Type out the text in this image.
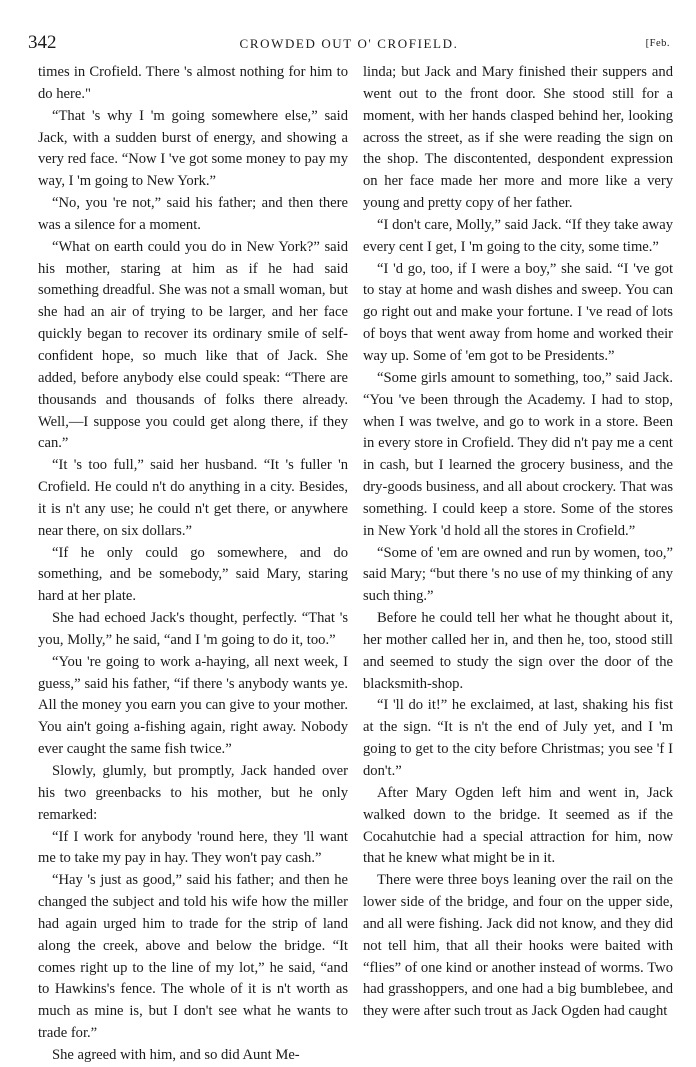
342	CROWDED OUT O' CROFIELD.	[Feb.

times in Crofield. There 's almost nothing for him to do here."

“That 's why I 'm going somewhere else,” said Jack, with a sudden burst of energy, and showing a very red face. “Now I 've got some money to pay my way, I 'm going to New York.”

“No, you 're not,” said his father; and then there was a silence for a moment.

“What on earth could you do in New York?” said his mother, staring at him as if he had said something dreadful. She was not a small woman, but she had an air of trying to be larger, and her face quickly began to recover its ordinary smile of self-confident hope, so much like that of Jack. She added, before anybody else could speak: “There are thousands and thousands of folks there already. Well,—I suppose you could get along there, if they can.”

“It 's too full,” said her husband. “It 's fuller 'n Crofield. He could n't do anything in a city. Besides, it is n't any use; he could n't get there, or anywhere near there, on six dollars.”

“If he only could go somewhere, and do something, and be somebody,” said Mary, staring hard at her plate.

She had echoed Jack's thought, perfectly. “That 's you, Molly,” he said, “and I 'm going to do it, too.”

“You 're going to work a-haying, all next week, I guess,” said his father, “if there 's anybody wants ye. All the money you earn you can give to your mother. You ain't going a-fishing again, right away. Nobody ever caught the same fish twice.”

Slowly, glumly, but promptly, Jack handed over his two greenbacks to his mother, but he only remarked:

“If I work for anybody 'round here, they 'll want me to take my pay in hay. They won't pay cash.”

“Hay 's just as good,” said his father; and then he changed the subject and told his wife how the miller had again urged him to trade for the strip of land along the creek, above and below the bridge. “It comes right up to the line of my lot,” he said, “and to Hawkins's fence. The whole of it is n't worth as much as mine is, but I don't see what he wants to trade for.”

She agreed with him, and so did Aunt Me-

linda; but Jack and Mary finished their suppers and went out to the front door. She stood still for a moment, with her hands clasped behind her, looking across the street, as if she were reading the sign on the shop. The discontented, despondent expression on her face made her more and more like a very young and pretty copy of her father.

“I don't care, Molly,” said Jack. “If they take away every cent I get, I 'm going to the city, some time.”

“I 'd go, too, if I were a boy,” she said. “I 've got to stay at home and wash dishes and sweep. You can go right out and make your fortune. I 've read of lots of boys that went away from home and worked their way up. Some of 'em got to be Presidents.”

“Some girls amount to something, too,” said Jack. “You 've been through the Academy. I had to stop, when I was twelve, and go to work in a store. Been in every store in Crofield. They did n't pay me a cent in cash, but I learned the grocery business, and the dry-goods business, and all about crockery. That was something. I could keep a store. Some of the stores in New York 'd hold all the stores in Crofield.”

“Some of 'em are owned and run by women, too,” said Mary; “but there 's no use of my thinking of any such thing.”

Before he could tell her what he thought about it, her mother called her in, and then he, too, stood still and seemed to study the sign over the door of the blacksmith-shop.

“I 'll do it!” he exclaimed, at last, shaking his fist at the sign. “It is n't the end of July yet, and I 'm going to get to the city before Christmas; you see 'f I don't.”

After Mary Ogden left him and went in, Jack walked down to the bridge. It seemed as if the Cocahutchie had a special attraction for him, now that he knew what might be in it.

There were three boys leaning over the rail on the lower side of the bridge, and four on the upper side, and all were fishing. Jack did not know, and they did not tell him, that all their hooks were baited with “flies” of one kind or another instead of worms. Two had grasshoppers, and one had a big bumblebee, and they were after such trout as Jack Ogden had caught
